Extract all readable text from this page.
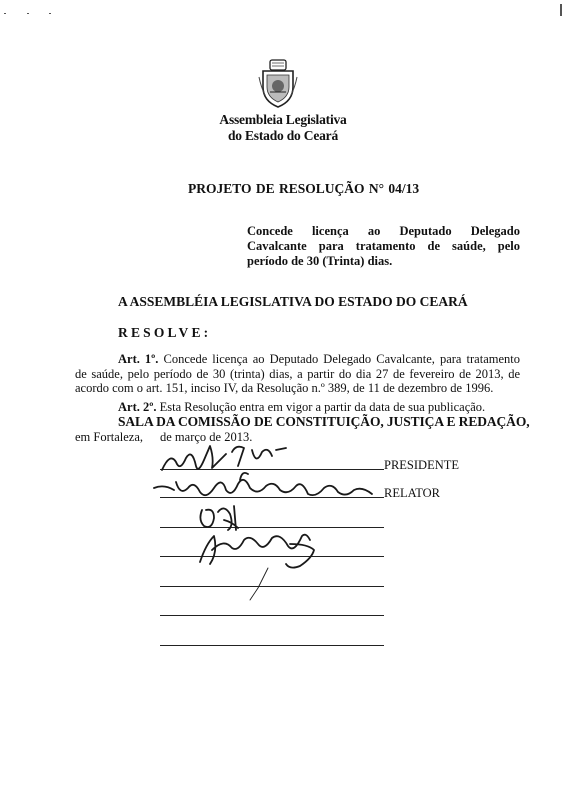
Assembleia Legislativa
do Estado do Ceará
PROJETO DE RESOLUÇÃO N° 04/13
Concede licença ao Deputado Delegado
Cavalcante para tratamento de saúde, pelo
período de 30 (Trinta) dias.
A ASSEMBLÉIA LEGISLATIVA DO ESTADO DO CEARÁ
RESOLVE:
Art. 1º. Concede licença ao Deputado Delegado Cavalcante, para tratamento
de saúde, pelo período de 30 (trinta) dias, a partir do dia 27 de fevereiro de 2013, de
acordo com o art. 151, inciso IV, da Resolução n.º 389, de 11 de dezembro de 1996.
Art. 2º. Esta Resolução entra em vigor a partir da data de sua publicação.
SALA DA COMISSÃO DE CONSTITUIÇÃO, JUSTIÇA E REDAÇÃO,
em Fortaleza, de março de 2013.
PRESIDENTE
RELATOR
